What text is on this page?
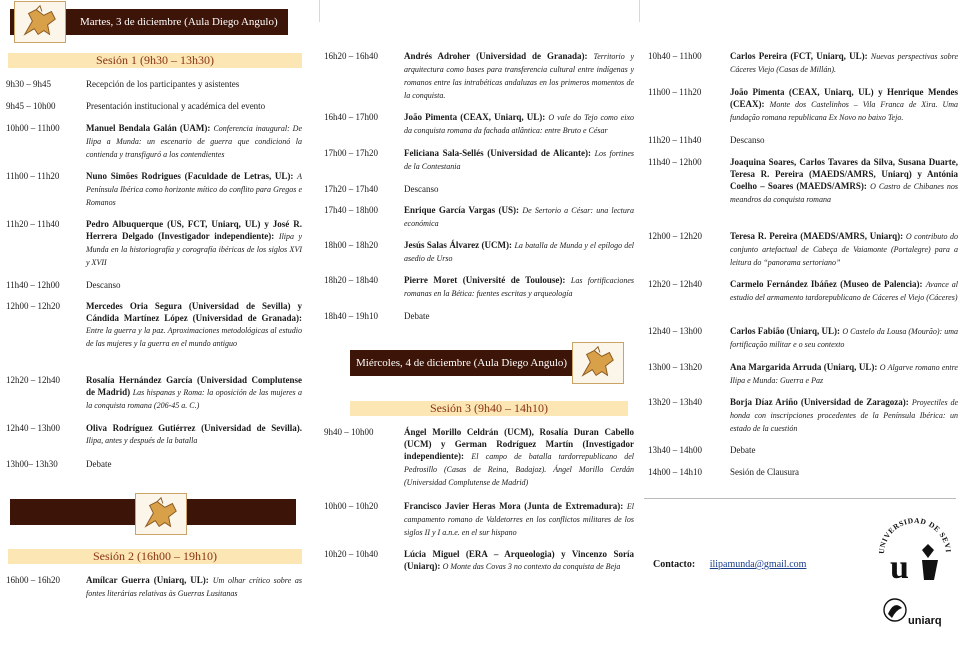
Martes, 3 de diciembre (Aula Diego Angulo)
Sesión 1 (9h30 – 13h30)
9h30 – 9h45	Recepción de los participantes y asistentes
9h45 – 10h00	Presentación institucional y académica del evento
10h00 – 11h00	Manuel Bendala Galán (UAM): Conferencia inaugural: De Ilipa a Munda: un escenario de guerra que condicionó la contienda y transfiguró a los contendientes
11h00 – 11h20	Nuno Simões Rodrigues (Faculdade de Letras, UL): A Península Ibérica como horizonte mítico do conflito para Gregos e Romanos
11h20 – 11h40	Pedro Albuquerque (US, FCT, Uniarq, UL) y José R. Herrera Delgado (Investigador independiente): Ilipa y Munda en la historiografía y corografía ibéricas de los siglos XVI y XVII
11h40 – 12h00	Descanso
12h00 – 12h20	Mercedes Oria Segura (Universidad de Sevilla) y Cándida Martínez López (Universidad de Granada): Entre la guerra y la paz. Aproximaciones metodológicas al estudio de las mujeres y la guerra en el mundo antiguo
12h20 – 12h40	Rosalía Hernández García (Universidad Complutense de Madrid) Las hispanas y Roma: la oposición de las mujeres a la conquista romana (206-45 a. C.)
12h40 – 13h00	Oliva Rodríguez Gutiérrez (Universidad de Sevilla). Ilipa, antes y después de la batalla
13h00– 13h30	Debate
Sesión 2 (16h00 – 19h10)
16h00 – 16h20	Amílcar Guerra (Uniarq, UL): Um olhar crítico sobre as fontes literárias relativas às Guerras Lusitanas
16h20 – 16h40	Andrés Adroher (Universidad de Granada): Territorio y arquitectura como bases para transferencia cultural entre indígenas y romanos entre las intrabéticas andaluzas en los primeros momentos de la conquista.
16h40 – 17h00	João Pimenta (CEAX, Uniarq, UL): O vale do Tejo como eixo da conquista romana da fachada atlântica: entre Bruto e César
17h00 – 17h20	Feliciana Sala-Sellés (Universidad de Alicante): Los fortines de la Contestania
17h20 – 17h40	Descanso
17h40 – 18h00	Enrique García Vargas (US): De Sertorio a César: una lectura económica
18h00 – 18h20	Jesús Salas Álvarez (UCM): La batalla de Munda y el epílogo del asedio de Urso
18h20 – 18h40	Pierre Moret (Université de Toulouse): Las fortificaciones romanas en la Bética: fuentes escritas y arqueología
18h40 – 19h10	Debate
Miércoles, 4 de diciembre (Aula Diego Angulo)
Sesión 3 (9h40 – 14h10)
9h40 – 10h00	Ángel Morillo Celdrán (UCM), Rosalía Duran Cabello (UCM) y German Rodríguez Martín (Investigador independiente): El campo de batalla tardorrepublicano del Pedrosillo (Casas de Reina, Badajoz). Ángel Morillo Cerdán (Universidad Complutense de Madrid)
10h00 – 10h20	Francisco Javier Heras Mora (Junta de Extremadura): El campamento romano de Valdetorres en los conflictos militares de los siglos II y I a.n.e. en el sur hispano
10h20 – 10h40	Lúcia Miguel (ERA – Arqueologia) y Vincenzo Soría (Uniarq): O Monte das Covas 3 no contexto da conquista de Beja
10h40 – 11h00	Carlos Pereira (FCT, Uniarq, UL): Nuevas perspectivas sobre Cáceres Viejo (Casas de Millán).
11h00 – 11h20	João Pimenta (CEAX, Uniarq, UL) y Henrique Mendes (CEAX): Monte dos Castelinhos – Vila Franca de Xira. Uma fundação romana republicana Ex Novo no baixo Tejo.
11h20 – 11h40	Descanso
11h40 – 12h00	Joaquina Soares, Carlos Tavares da Silva, Susana Duarte, Teresa R. Pereira (MAEDS/AMRS, Uniarq) y Antónia Coelho – Soares (MAEDS/AMRS): O Castro de Chibanes nos meandros da conquista romana
12h00 – 12h20	Teresa R. Pereira (MAEDS/AMRS, Uniarq): O contributo do conjunto artefactual de Cabeça de Vaiamonte (Portalegre) para a leitura do “panorama sertoriano”
12h20 – 12h40	Carmelo Fernández Ibáñez (Museo de Palencia): Avance al estudio del armamento tardorepublicano de Cáceres el Viejo (Cáceres)
12h40 – 13h00	Carlos Fabião (Uniarq, UL): O Castelo da Lousa (Mourão): uma fortificação militar e o seu contexto
13h00 – 13h20	Ana Margarida Arruda (Uniarq, UL): O Algarve romano entre Ilipa e Munda: Guerra e Paz
13h20 – 13h40	Borja Díaz Ariño (Universidad de Zaragoza): Proyectiles de honda con inscripciones procedentes de la Península Ibérica: un estado de la cuestión
13h40 – 14h00	Debate
14h00 – 14h10	Sesión de Clausura
Contacto: ilipamunda@gmail.com
UNIVERSIDAD DE SEVI
u
uniarq
